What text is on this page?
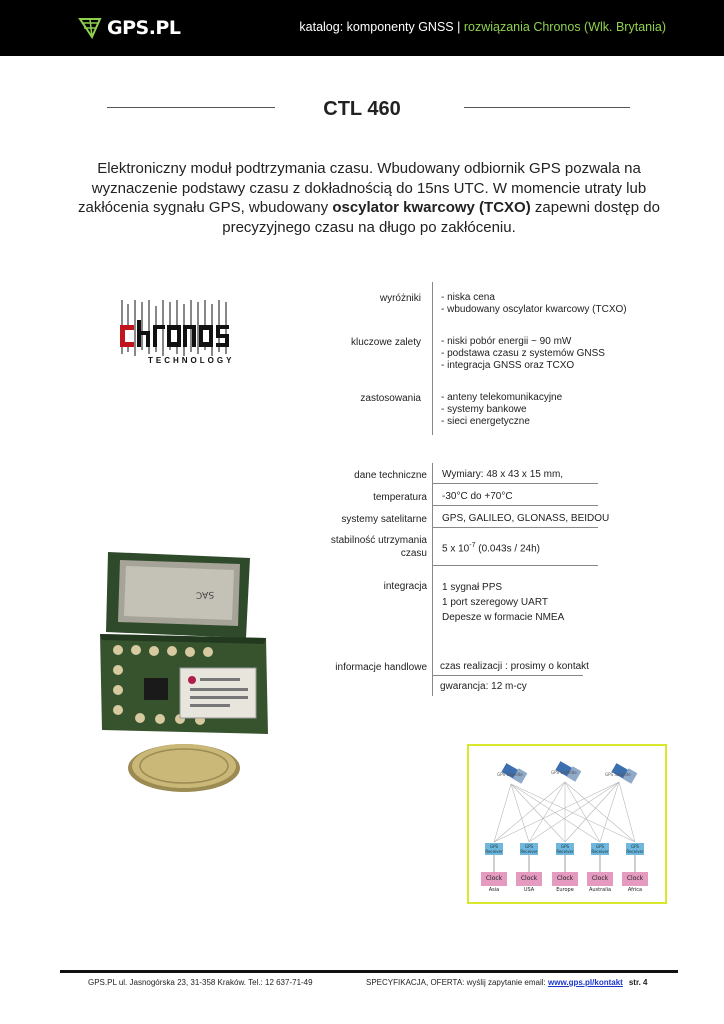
GPS.PL	katalog: komponenty GNSS | rozwiązania Chronos (Wlk. Brytania)
CTL 460
Elektroniczny moduł podtrzymania czasu. Wbudowany odbiornik GPS pozwala na wyznaczenie podstawy czasu z dokładnością do 15ns UTC. W momencie utraty lub zakłócenia sygnału GPS, wbudowany oscylator kwarcowy (TCXO) zapewni dostęp do precyzyjnego czasu na długo po zakłóceniu.
TECHNOLOGY
wyróżniki - niska cena
- wbudowany oscylator kwarcowy (TCXO)
kluczowe zalety - niski pobór energii ~ 90 mW
- podstawa czasu z systemów GNSS
- integracja GNSS oraz TCXO
zastosowania - anteny telekomunikacyjne
- systemy bankowe
- sieci energetyczne
dane techniczne Wymiary: 48 x 43 x 15 mm,
temperatura -30°C do +70°C
systemy satelitarne GPS, GALILEO, GLONASS, BEIDOU
stabilność utrzymania
czasu 5 x $10^{-7}$ (0.043s / 24h)
integracja 1 sygnał PPS
1 port szeregowy UART
Depesze w formacie NMEA
informacje handlowe czas realizacji : prosimy o kontakt
gwarancja: 12 m-cy
SAC
GPS Satellite	GPS Satellite	GPS Satellite
GPS Receiver
GPS Receiver
GPS Receiver
GPS Receiver
GPS Receiver
Clock	Clock	Clock	Clock	Clock
Asia	USA	Europe	Australia	Africa
GPS.PL ul. Jasnogórska 23, 31-358 Kraków. Tel.: 12 637-71-49	SPECYFIKACJA, OFERTA: wyślij zapytanie email: www.gps.pl/kontakt str. 4
